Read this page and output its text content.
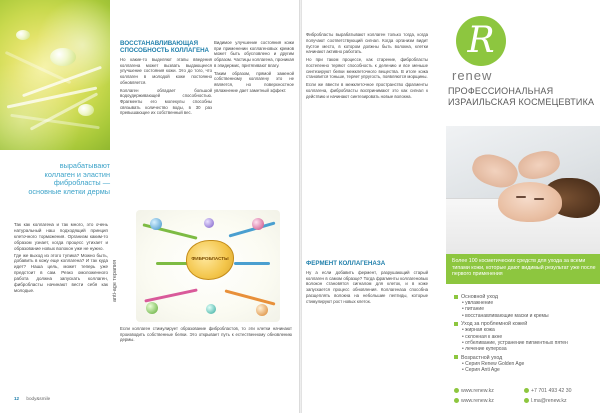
вырабатывают коллаген и эластин фибробласты — основные клетки дермы

Так как коллагена и так много, это очень натуральный наш подходящий принцип клеточного торможения. Организм каким-то образом узнает, когда процесс утихает и образование новых волокон уже не нужно.

Где же выход из этого тупика? Можно быть, добавить в кожу еще коллагена? И так куда идет? Наша цель, может теперь уже предстоит в сам. Резко омоложенного работа должна запускать коллаген, фибробласты начинают вести себя как молодые.	anti-age терапия
ВОССТАНАВЛИВАЮЩАЯ СПОСОБНОСТЬ КОЛЛАГЕНА

Но какие-то выделяют этапы введения коллагена может вызвать выдающееся улучшение состояния кожи. Это до того, что коллаген в молодой коже постоянно обновляется.

Коллаген обладает большой водоудерживающей способностью. Фрагменты его молекулы способны связывать количество воды, в 30 раз превышающее их собственный вес.

Видимое улучшение состояния кожи при применении коллагеновых кремов может быть обусловлено и другим образом. Частицы коллагена, проникая в эпидермис, притягивают влагу.

Таким образом, прямой заменой собственному коллагену это не является, но поверхностное увлажнение дает заметный эффект.

ФИБРОБЛАСТЫ
Если коллаген стимулирует образование фибробластов, то эти клетки начинают производить собственные белки. Это открывает путь к естественному обновлению дермы.
12 body&smile

Фибробласты вырабатывают коллаген только тогда, когда получают соответствующий сигнал. Когда организм видит пустое место, в котором должны быть волокна, клетки начинают активно работать.

Но при таком процессе, как старение, фибробласты постепенно теряют способность к делению и все меньше синтезируют белки межклеточного вещества. В итоге кожа становится тоньше, теряет упругость, появляются морщины.

Если же ввести в межклеточное пространство фрагменты коллагена, фибробласты воспринимают это как сигнал к действию и начинают синтезировать новые волокна.

ФЕРМЕНТ КОЛЛАГЕНАЗА
Ну а если добавить фермент, разрушающий старый коллаген в самом образце? Тогда фрагменты коллагеновых волокон становятся сигналом для клеток, и в коже запускается процесс обновления. Коллагеназа способна расщеплять волокна на небольшие пептиды, которые стимулируют рост новых клеток.
R
renew
ПРОФЕССИОНАЛЬНАЯ ИЗРАИЛЬСКАЯ КОСМЕЦЕВТИКА
Более 100 косметических средств для ухода за всеми типами кожи, которые дают видимый результат уже после первого применения
Основной уход
• увлажнение
• питание
• восстанавливающие маски и кремы
Уход за проблемной кожей
• жирная кожа
• склонная к акне
• отбеливание, устранение пигментных пятен
• лечение куперозa
Возрастной уход
• Серия Renew Golden Age
• Серия Anti Age
www.renew.kz	+7 701 493 42 30
www.renew.kz	l.ma@renew.kz
